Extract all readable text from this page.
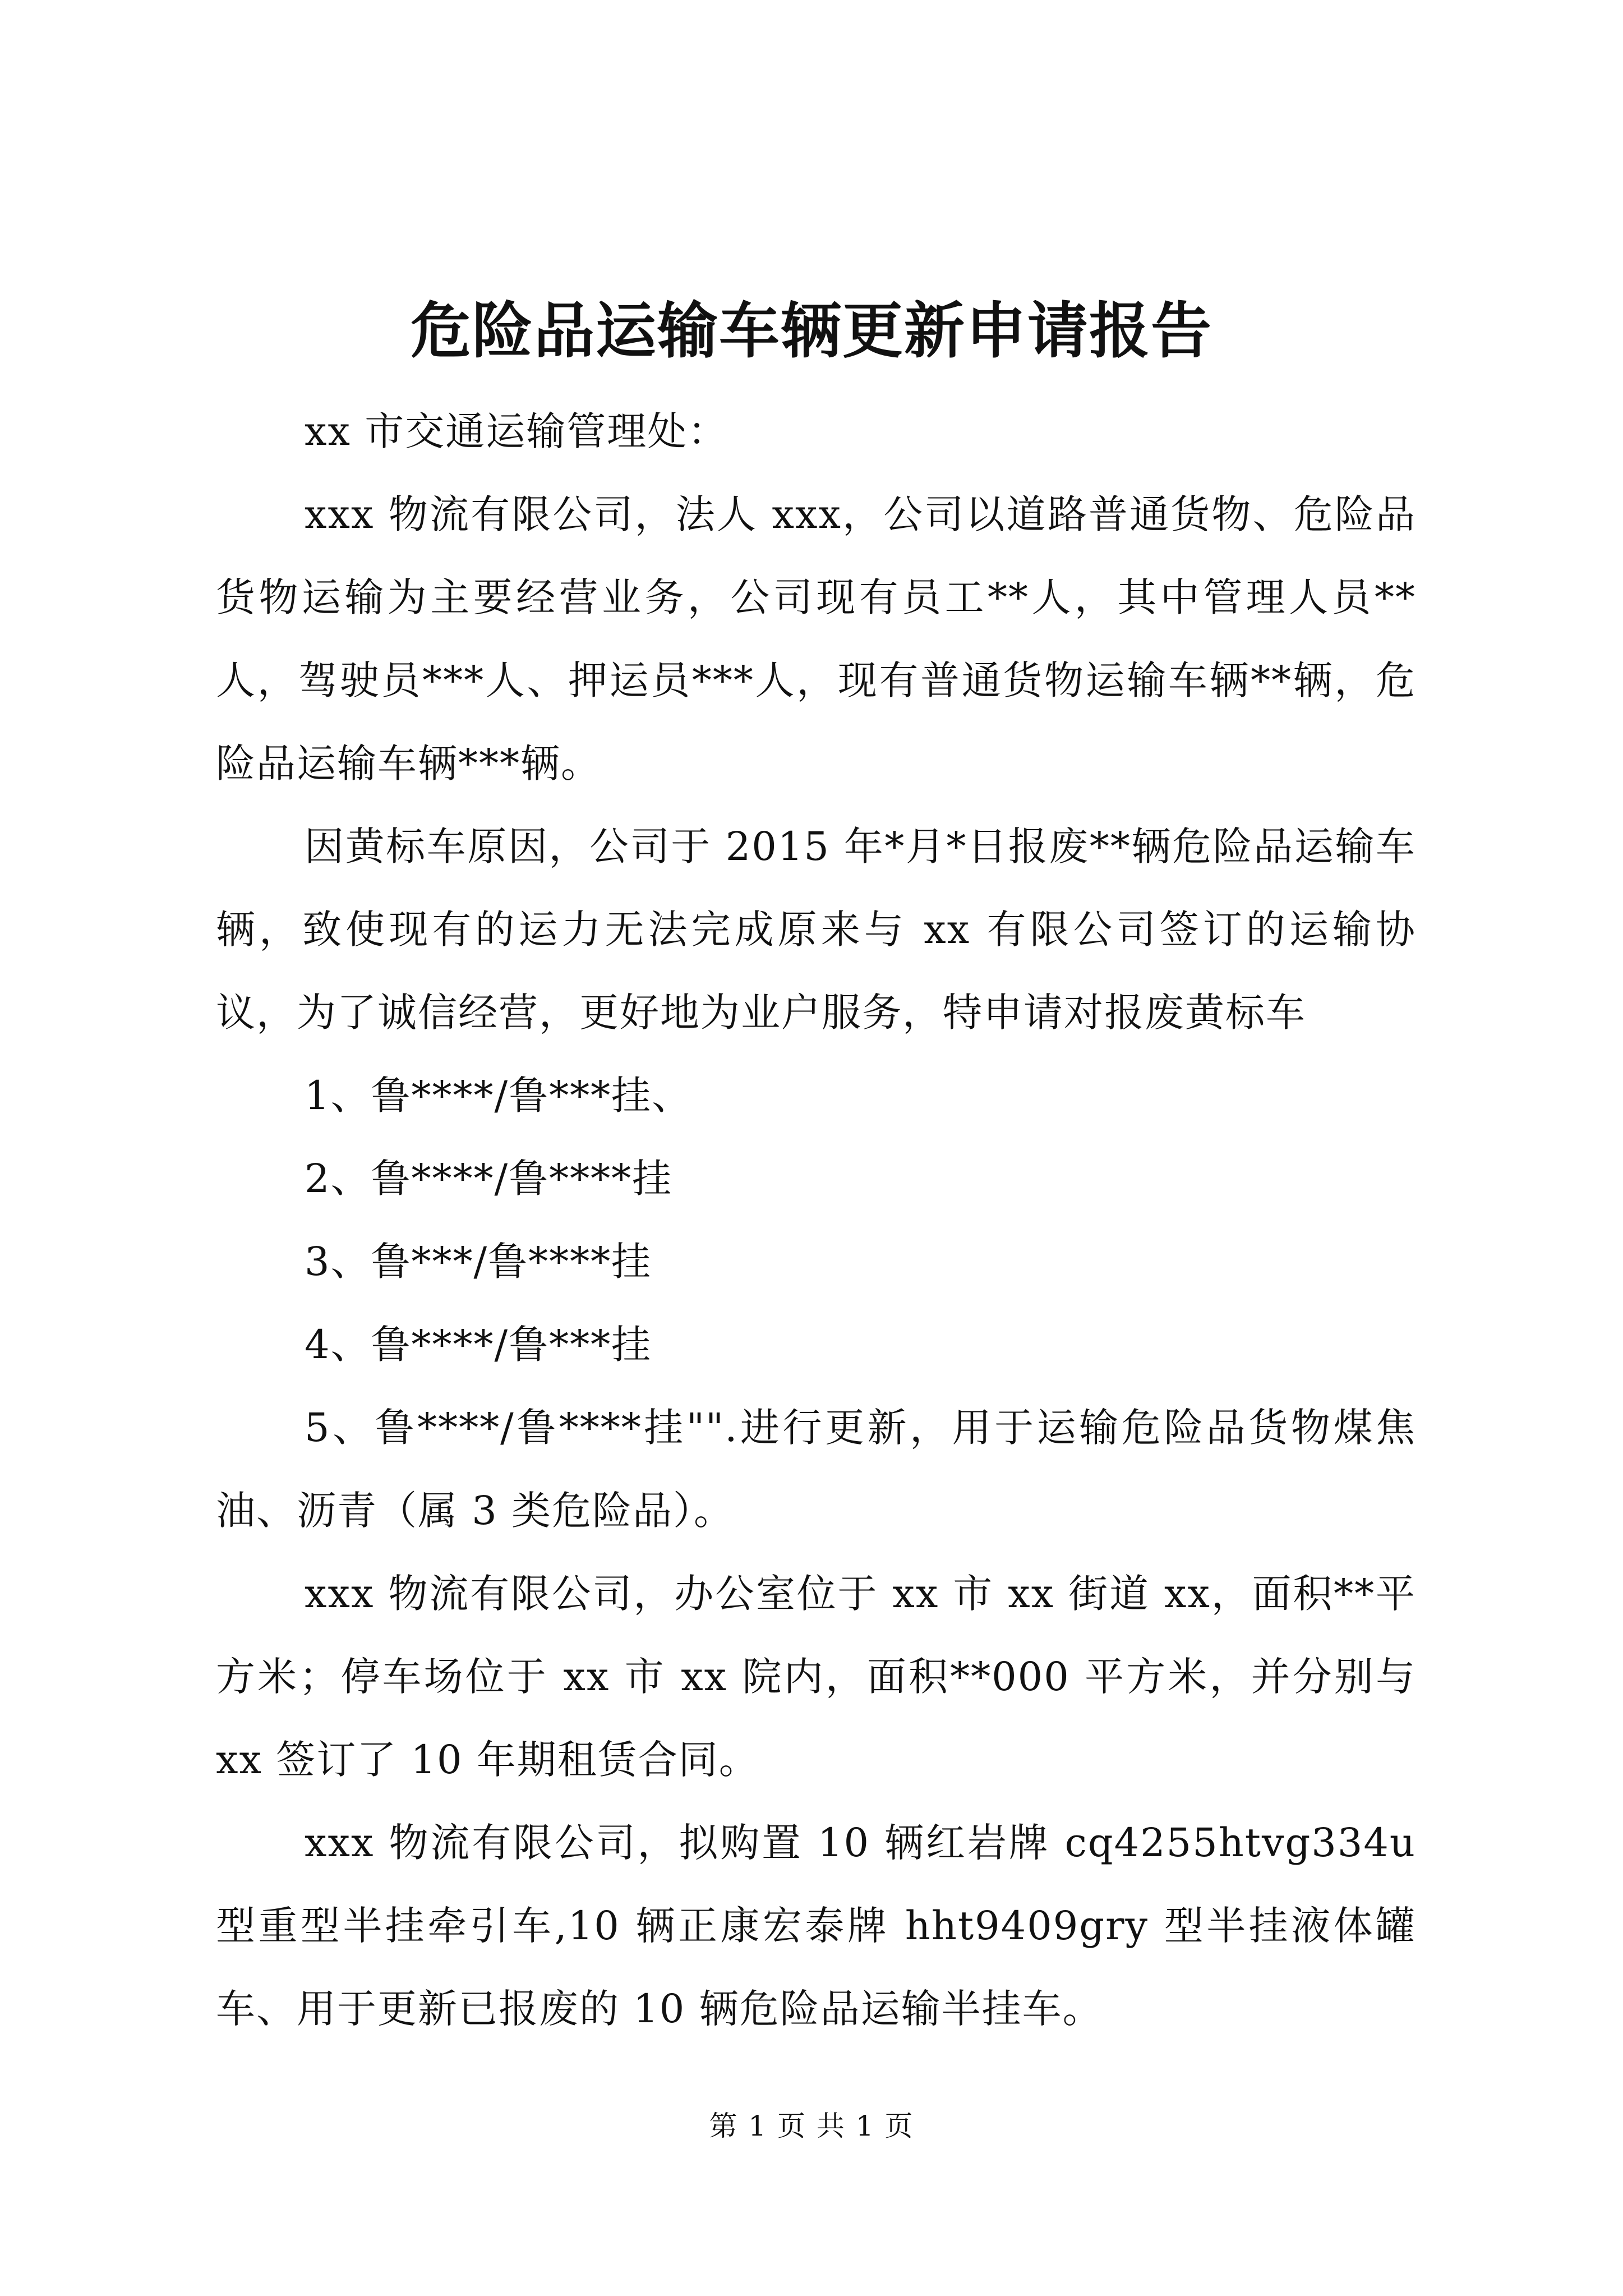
危险品运输车辆更新申请报告

xx 市交通运输管理处：

xxx 物流有限公司，法人 xxx，公司以道路普通货物、危险品货物运输为主要经营业务，公司现有员工**人，其中管理人员**人，驾驶员***人、押运员***人，现有普通货物运输车辆**辆，危险品运输车辆***辆。

因黄标车原因，公司于 2015 年*月*日报废**辆危险品运输车辆，致使现有的运力无法完成原来与 xx 有限公司签订的运输协议，为了诚信经营，更好地为业户服务，特申请对报废黄标车

1、鲁****/鲁***挂、

2、鲁****/鲁****挂

3、鲁***/鲁****挂

4、鲁****/鲁***挂

5、鲁****/鲁****挂"".进行更新，用于运输危险品货物煤焦油、沥青（属 3 类危险品）。

xxx 物流有限公司，办公室位于 xx 市 xx 街道 xx，面积**平方米；停车场位于 xx 市 xx 院内，面积**000 平方米，并分别与 xx 签订了 10 年期租赁合同。

xxx 物流有限公司，拟购置 10 辆红岩牌 cq4255htvg334u 型重型半挂牵引车,10 辆正康宏泰牌 hht9409gry 型半挂液体罐车、用于更新已报废的 10 辆危险品运输半挂车。

第 1 页 共 1 页
